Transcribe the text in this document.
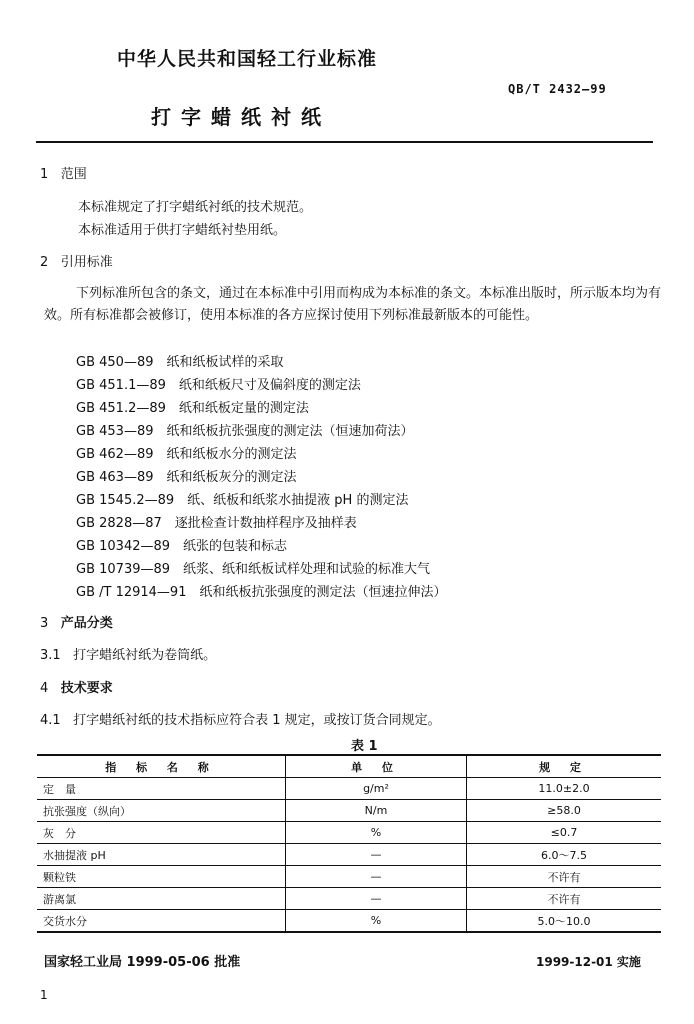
中华人民共和国轻工行业标准
QB/T 2432—99
打字蜡纸衬纸
1 范围
本标准规定了打字蜡纸衬纸的技术规范。
本标准适用于供打字蜡纸衬垫用纸。
2 引用标准
下列标准所包含的条文，通过在本标准中引用而构成为本标准的条文。本标准出版时，所示版本均为有效。所有标准都会被修订，使用本标准的各方应探讨使用下列标准最新版本的可能性。
GB 450—89　纸和纸板试样的采取
GB 451.1—89　纸和纸板尺寸及偏斜度的测定法
GB 451.2—89　纸和纸板定量的测定法
GB 453—89　纸和纸板抗张强度的测定法（恒速加荷法）
GB 462—89　纸和纸板水分的测定法
GB 463—89　纸和纸板灰分的测定法
GB 1545.2—89　纸、纸板和纸浆水抽提液 pH 的测定法
GB 2828—87　逐批检查计数抽样程序及抽样表
GB 10342—89　纸张的包装和标志
GB 10739—89　纸浆、纸和纸板试样处理和试验的标准大气
GB /T 12914—91　纸和纸板抗张强度的测定法（恒速拉伸法）
3 产品分类
3.1 打字蜡纸衬纸为卷筒纸。
4 技术要求
4.1 打字蜡纸衬纸的技术指标应符合表 1 规定，或按订货合同规定。
表 1
指 标 名 称	单 位	规 定
定　量	g/m²	11.0±2.0
抗张强度（纵向）	N/m	≥58.0
灰　分	%	≤0.7
水抽提液 pH	—	6.0～7.5
颗粒铁	—	不许有
游离氯	—	不许有
交货水分	%	5.0～10.0
国家轻工业局 1999-05-06 批准	1999-12-01 实施
1
